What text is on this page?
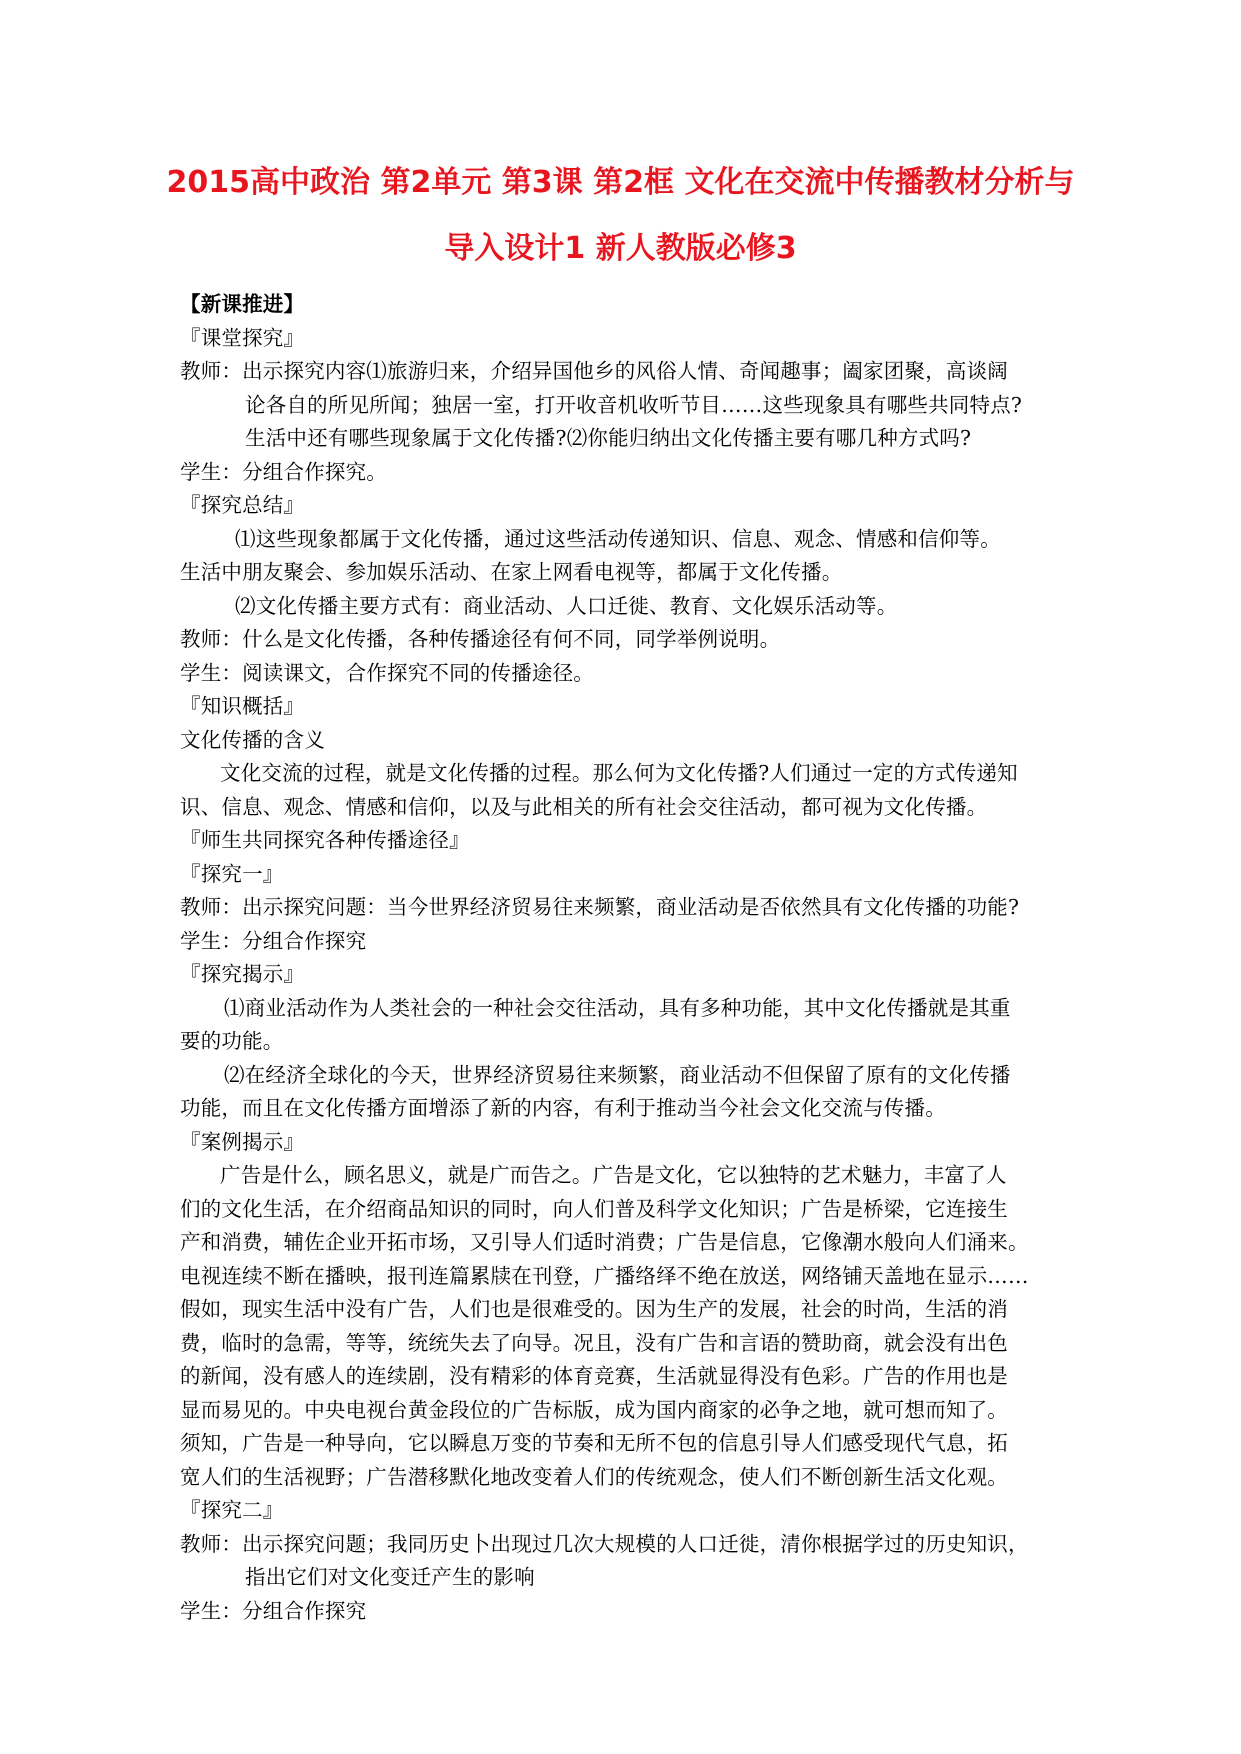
2015高中政治 第2单元 第3课 第2框 文化在交流中传播教材分析与
导入设计1 新人教版必修3
【新课推进】
『课堂探究』
教师：出示探究内容⑴旅游归来，介绍异国他乡的风俗人情、奇闻趣事；阖家团聚，高谈阔
论各自的所见所闻；独居一室，打开收音机收听节目……这些现象具有哪些共同特点?
生活中还有哪些现象属于文化传播?⑵你能归纳出文化传播主要有哪几种方式吗?
学生：分组合作探究。
『探究总结』
⑴这些现象都属于文化传播，通过这些活动传递知识、信息、观念、情感和信仰等。
生活中朋友聚会、参加娱乐活动、在家上网看电视等，都属于文化传播。
⑵文化传播主要方式有：商业活动、人口迁徙、教育、文化娱乐活动等。
教师：什么是文化传播，各种传播途径有何不同，同学举例说明。
学生：阅读课文，合作探究不同的传播途径。
『知识概括』
文化传播的含义
文化交流的过程，就是文化传播的过程。那么何为文化传播?人们通过一定的方式传递知
识、信息、观念、情感和信仰，以及与此相关的所有社会交往活动，都可视为文化传播。
『师生共同探究各种传播途径』
『探究一』
教师：出示探究问题：当今世界经济贸易往来频繁，商业活动是否依然具有文化传播的功能?
学生：分组合作探究
『探究揭示』
⑴商业活动作为人类社会的一种社会交往活动，具有多种功能，其中文化传播就是其重
要的功能。
⑵在经济全球化的今天，世界经济贸易往来频繁，商业活动不但保留了原有的文化传播
功能，而且在文化传播方面增添了新的内容，有利于推动当今社会文化交流与传播。
『案例揭示』
广告是什么，顾名思义，就是广而告之。广告是文化，它以独特的艺术魅力，丰富了人
们的文化生活，在介绍商品知识的同时，向人们普及科学文化知识；广告是桥梁，它连接生
产和消费，辅佐企业开拓市场，又引导人们适时消费；广告是信息，它像潮水般向人们涌来。
电视连续不断在播映，报刊连篇累牍在刊登，广播络绎不绝在放送，网络铺天盖地在显示……
假如，现实生活中没有广告，人们也是很难受的。因为生产的发展，社会的时尚，生活的消
费，临时的急需，等等，统统失去了向导。况且，没有广告和言语的赞助商，就会没有出色
的新闻，没有感人的连续剧，没有精彩的体育竞赛，生活就显得没有色彩。广告的作用也是
显而易见的。中央电视台黄金段位的广告标版，成为国内商家的必争之地，就可想而知了。
须知，广告是一种导向，它以瞬息万变的节奏和无所不包的信息引导人们感受现代气息，拓
宽人们的生活视野；广告潜移默化地改变着人们的传统观念，使人们不断创新生活文化观。
『探究二』
教师：出示探究问题；我同历史卜出现过几次大规模的人口迁徙，清你根据学过的历史知识，
指出它们对文化变迁产生的影响
学生：分组合作探究
